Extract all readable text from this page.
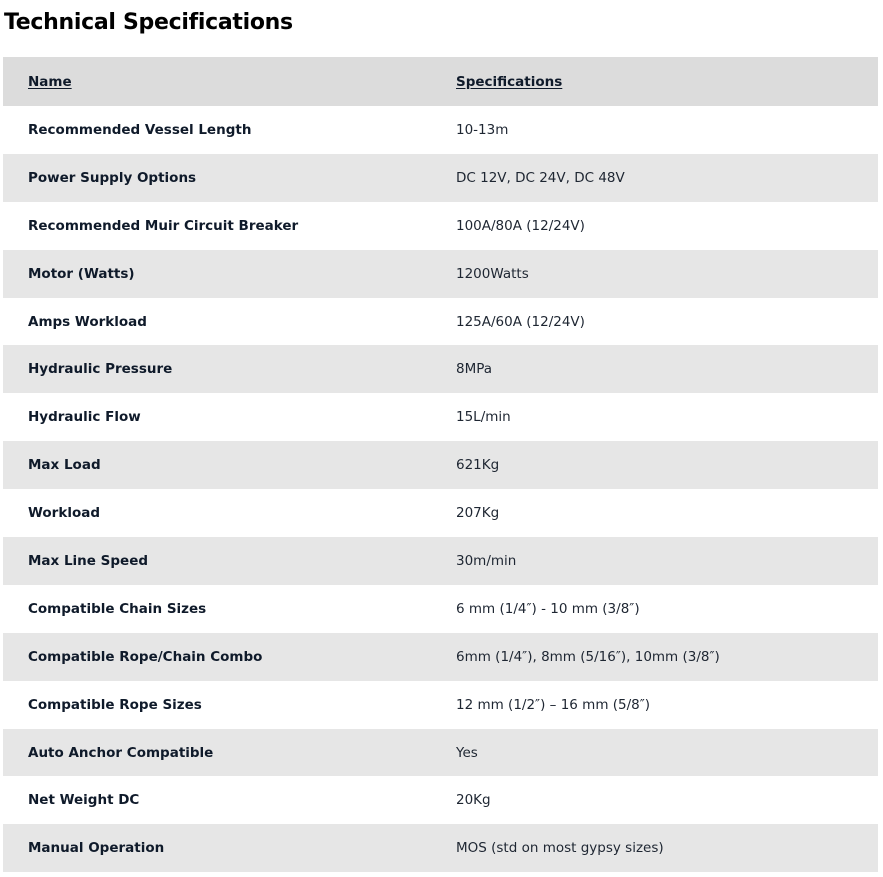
Technical Specifications
Name	Specifications
Recommended Vessel Length	10-13m
Power Supply Options	DC 12V, DC 24V, DC 48V
Recommended Muir Circuit Breaker	100A/80A (12/24V)
Motor (Watts)	1200Watts
Amps Workload	125A/60A (12/24V)
Hydraulic Pressure	8MPa
Hydraulic Flow	15L/min
Max Load	621Kg
Workload	207Kg
Max Line Speed	30m/min
Compatible Chain Sizes	6 mm (1/4″) - 10 mm (3/8″)
Compatible Rope/Chain Combo	6mm (1/4″), 8mm (5/16″), 10mm (3/8″)
Compatible Rope Sizes	12 mm (1/2″) – 16 mm (5/8″)
Auto Anchor Compatible	Yes
Net Weight DC	20Kg
Manual Operation	MOS (std on most gypsy sizes)
